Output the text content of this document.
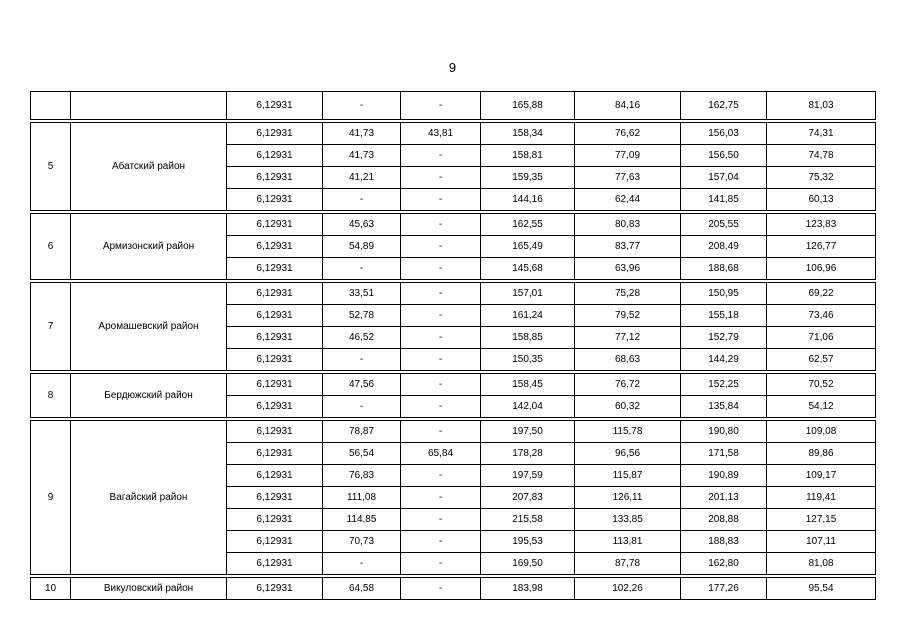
9
		6,12931	-	-	165,88	84,16	162,75	81,03

5	Абатский район	6,12931	41,73	43,81	158,34	76,62	156,03	74,31
		6,12931	41,73	-	158,81	77,09	156,50	74,78
		6,12931	41,21	-	159,35	77,63	157,04	75,32
		6,12931	-	-	144,16	62,44	141,85	60,13

6	Армизонский район	6,12931	45,63	-	162,55	80,83	205,55	123,83
		6,12931	54,89	-	165,49	83,77	208,49	126,77
		6,12931	-	-	145,68	63,96	188,68	106,96

7	Аромашевский район	6,12931	33,51	-	157,01	75,28	150,95	69,22
		6,12931	52,78	-	161,24	79,52	155,18	73,46
		6,12931	46,52	-	158,85	77,12	152,79	71,06
		6,12931	-	-	150,35	68,63	144,29	62,57

8	Бердюжский район	6,12931	47,56	-	158,45	76,72	152,25	70,52
		6,12931	-	-	142,04	60,32	135,84	54,12

9	Вагайский район	6,12931	78,87	-	197,50	115,78	190,80	109,08
		6,12931	56,54	65,84	178,28	96,56	171,58	89,86
		6,12931	76,83	-	197,59	115,87	190,89	109,17
		6,12931	111,08	-	207,83	126,11	201,13	119,41
		6,12931	114,85	-	215,58	133,85	208,88	127,15
		6,12931	70,73	-	195,53	113,81	188,83	107,11
		6,12931	-	-	169,50	87,78	162,80	81,08

10	Викуловский район	6,12931	64,58	-	183,98	102,26	177,26	95,54
